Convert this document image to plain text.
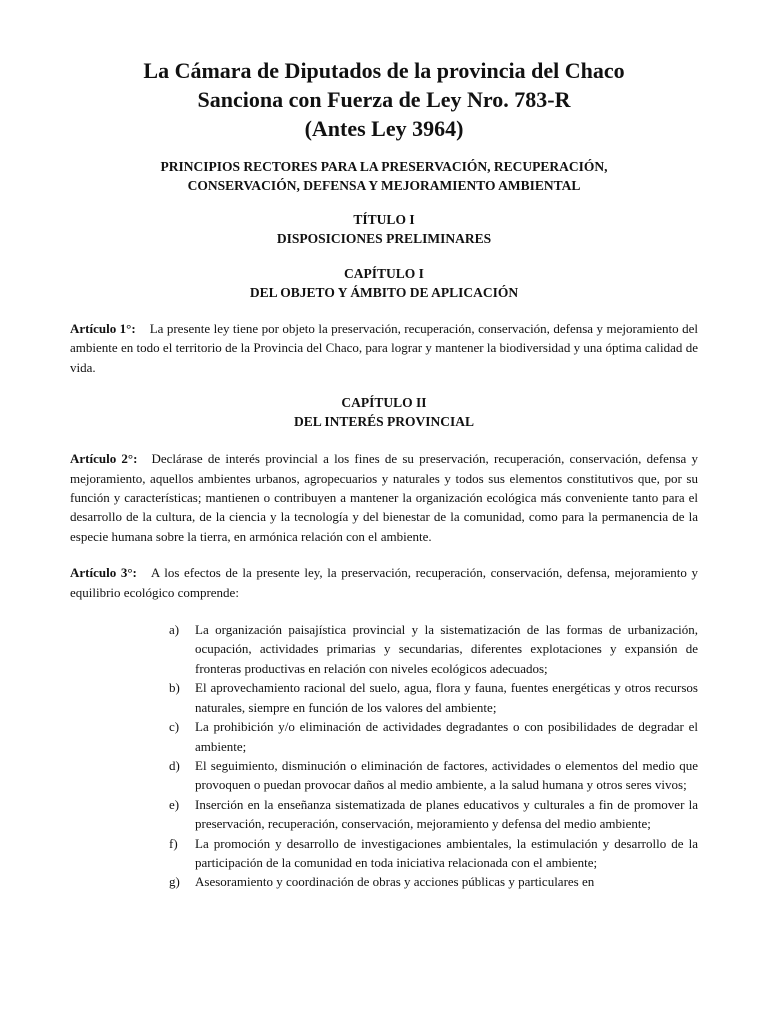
La Cámara de Diputados de la provincia del Chaco
Sanciona con Fuerza de Ley Nro. 783-R
(Antes Ley 3964)
PRINCIPIOS RECTORES PARA LA PRESERVACIÓN, RECUPERACIÓN,
CONSERVACIÓN, DEFENSA Y MEJORAMIENTO AMBIENTAL

TÍTULO I

DISPOSICIONES PRELIMINARES

CAPÍTULO I

DEL OBJETO Y ÁMBITO DE APLICACIÓN

Artículo 1°: La presente ley tiene por objeto la preservación, recuperación, conservación, defensa y mejoramiento del ambiente en todo el territorio de la Provincia del Chaco, para lograr y mantener la biodiversidad y una óptima calidad de vida.

CAPÍTULO II

DEL INTERÉS PROVINCIAL

Artículo 2°: Declárase de interés provincial a los fines de su preservación, recuperación, conservación, defensa y mejoramiento, aquellos ambientes urbanos, agropecuarios y naturales y todos sus elementos constitutivos que, por su función y características; mantienen o contribuyen a mantener la organización ecológica más conveniente tanto para el desarrollo de la cultura, de la ciencia y la tecnología y del bienestar de la comunidad, como para la permanencia de la especie humana sobre la tierra, en armónica relación con el ambiente.

Artículo 3°: A los efectos de la presente ley, la preservación, recuperación, conservación, defensa, mejoramiento y equilibrio ecológico comprende:

a)	La organización paisajística provincial y la sistematización de las formas de urbanización, ocupación, actividades primarias y secundarias, diferentes explotaciones y expansión de fronteras productivas en relación con niveles ecológicos adecuados;
b)	El aprovechamiento racional del suelo, agua, flora y fauna, fuentes energéticas y otros recursos naturales, siempre en función de los valores del ambiente;
c)	La prohibición y/o eliminación de actividades degradantes o con posibilidades de degradar el ambiente;
d)	El seguimiento, disminución o eliminación de factores, actividades o elementos del medio que provoquen o puedan provocar daños al medio ambiente, a la salud humana y otros seres vivos;
e)	Inserción en la enseñanza sistematizada de planes educativos y culturales a fin de promover la preservación, recuperación, conservación, mejoramiento y defensa del medio ambiente;
f)	La promoción y desarrollo de investigaciones ambientales, la estimulación y desarrollo de la participación de la comunidad en toda iniciativa relacionada con el ambiente;
g)	Asesoramiento y coordinación de obras y acciones públicas y particulares en
